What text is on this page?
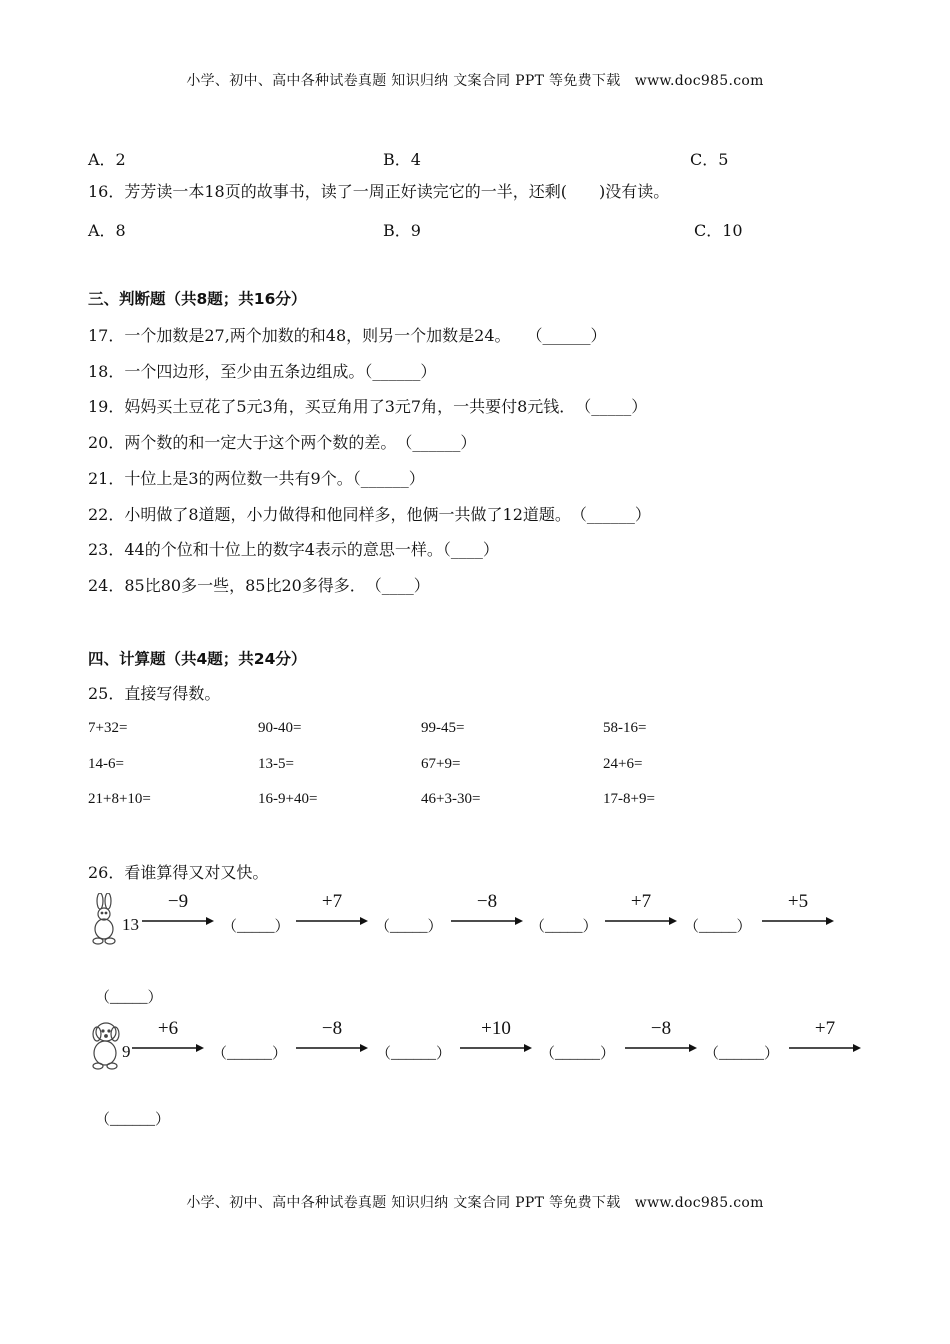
小学、初中、高中各种试卷真题 知识归纳 文案合同 PPT 等免费下载 www.doc985.com
A．2	B．4	C．5
16．芳芳读一本18页的故事书，读了一周正好读完它的一半，还剩(　　)没有读。
A．8	B．9	C．10
三、判断题（共8题；共16分）
17．一个加数是27,两个加数的和48，则另一个加数是24。　　（______）
18．一个四边形，至少由五条边组成。（______）
19．妈妈买土豆花了5元3角，买豆角用了3元7角，一共要付8元钱．　（_____）
20．两个数的和一定大于这个两个数的差。　（______）
21．十位上是3的两位数一共有9个。（______）
22．小明做了8道题，小力做得和他同样多，他俩一共做了12道题。　（______）
23．44的个位和十位上的数字4表示的意思一样。（____）
24．85比80多一些，85比20多得多．　（____）
四、计算题（共4题；共24分）
25．直接写得数。
7+32=	90-40=	99-45=	58-16=
14-6=	13-5=	67+9=	24+6=
21+8+10=	16-9+40=	46+3-30=	17-8+9=
26．看谁算得又对又快。
13
−9
（_____）
+7
（_____）
−8
（_____）
+7
（_____）
+5
（_____）
9
+6
（______）
−8
（______）
+10
（______）
−8
（______）
+7
（______）
小学、初中、高中各种试卷真题 知识归纳 文案合同 PPT 等免费下载 www.doc985.com
